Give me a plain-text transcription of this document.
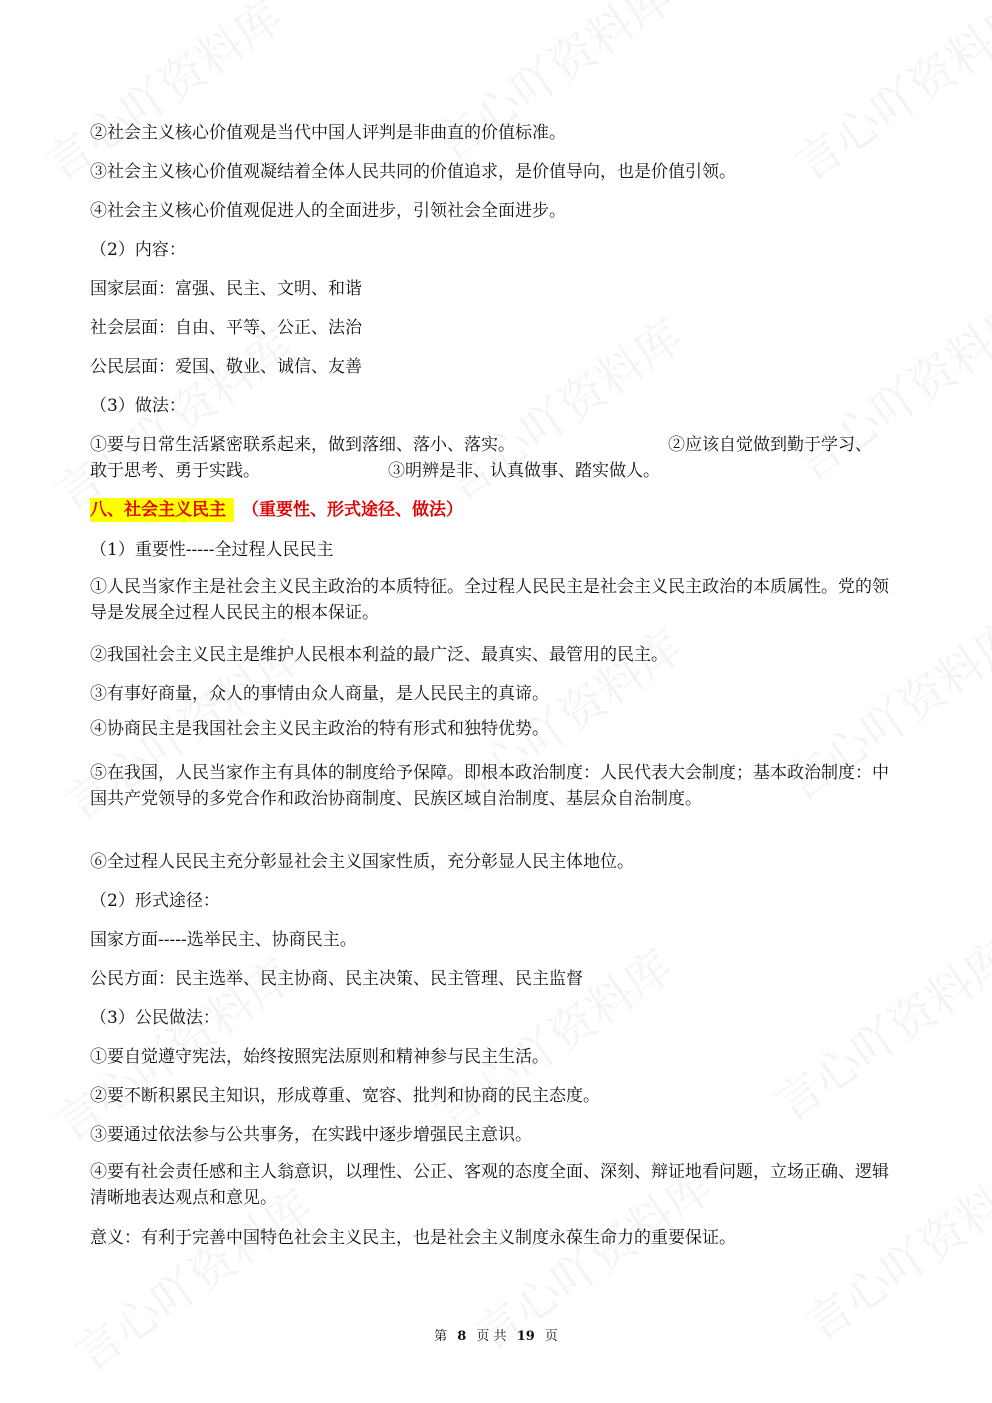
②社会主义核心价值观是当代中国人评判是非曲直的价值标准。
③社会主义核心价值观凝结着全体人民共同的价值追求，是价值导向，也是价值引领。
④社会主义核心价值观促进人的全面进步，引领社会全面进步。
（2）内容：
国家层面：富强、民主、文明、和谐
社会层面：自由、平等、公正、法治
公民层面：爱国、敬业、诚信、友善
（3）做法：
①要与日常生活紧密联系起来，做到落细、落小、落实。	②应该自觉做到勤于学习、
敢于思考、勇于实践。	③明辨是非、认真做事、踏实做人。
八、社会主义民主 （重要性、形式途径、做法）
（1）重要性-----全过程人民民主
①人民当家作主是社会主义民主政治的本质特征。全过程人民民主是社会主义民主政治的本质属性。党的领导是发展全过程人民民主的根本保证。
②我国社会主义民主是维护人民根本利益的最广泛、最真实、最管用的民主。
③有事好商量，众人的事情由众人商量，是人民民主的真谛。
④协商民主是我国社会主义民主政治的特有形式和独特优势。
⑤在我国，人民当家作主有具体的制度给予保障。即根本政治制度：人民代表大会制度；基本政治制度：中国共产党领导的多党合作和政治协商制度、民族区域自治制度、基层众自治制度。
⑥全过程人民民主充分彰显社会主义国家性质，充分彰显人民主体地位。
（2）形式途径：
国家方面-----选举民主、协商民主。
公民方面：民主选举、民主协商、民主决策、民主管理、民主监督
（3）公民做法：
①要自觉遵守宪法，始终按照宪法原则和精神参与民主生活。
②要不断积累民主知识，形成尊重、宽容、批判和协商的民主态度。
③要通过依法参与公共事务，在实践中逐步增强民主意识。
④要有社会责任感和主人翁意识，以理性、公正、客观的态度全面、深刻、辩证地看问题，立场正确、逻辑清晰地表达观点和意见。
意义：有利于完善中国特色社会主义民主，也是社会主义制度永葆生命力的重要保证。
第 8 页 共 19 页
